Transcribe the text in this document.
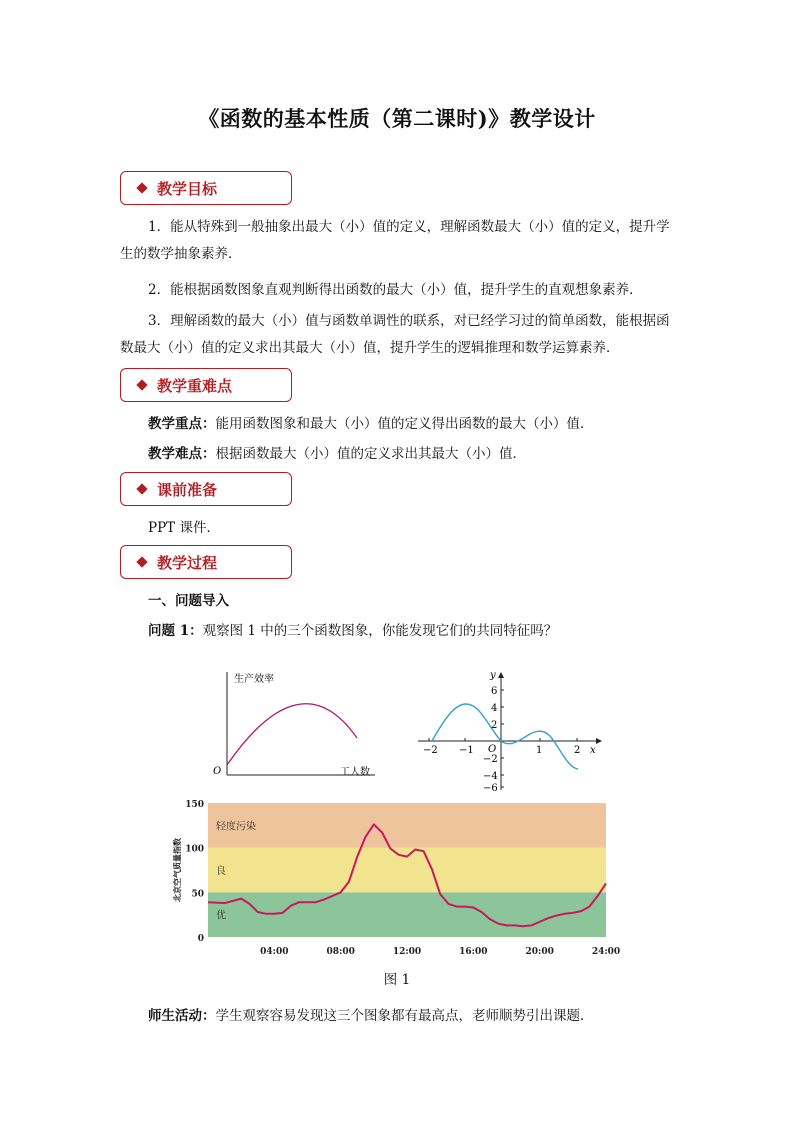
《函数的基本性质（第二课时)》教学设计
教学目标
1．能从特殊到一般抽象出最大（小）值的定义，理解函数最大（小）值的定义，提升学生的数学抽象素养．
2．能根据函数图象直观判断得出函数的最大（小）值，提升学生的直观想象素养．
3．理解函数的最大（小）值与函数单调性的联系，对已经学习过的简单函数，能根据函数最大（小）值的定义求出其最大（小）值，提升学生的逻辑推理和数学运算素养．
教学重难点
教学重点：能用函数图象和最大（小）值的定义得出函数的最大（小）值．
教学难点：根据函数最大（小）值的定义求出其最大（小）值．
课前准备
PPT 课件．
教学过程
一、问题导入
问题 1：观察图 1 中的三个函数图象，你能发现它们的共同特征吗？
生产效率
工人数
O
−2 −1	1	2 x
y
O
6
4
2
−2
−4
−6
优
良
轻度污染
0
50
100
150
04:00	08:00	12:00	16:00	20:00	24:00
北京空气质量指数
图 1
师生活动：学生观察容易发现这三个图象都有最高点，老师顺势引出课题．
